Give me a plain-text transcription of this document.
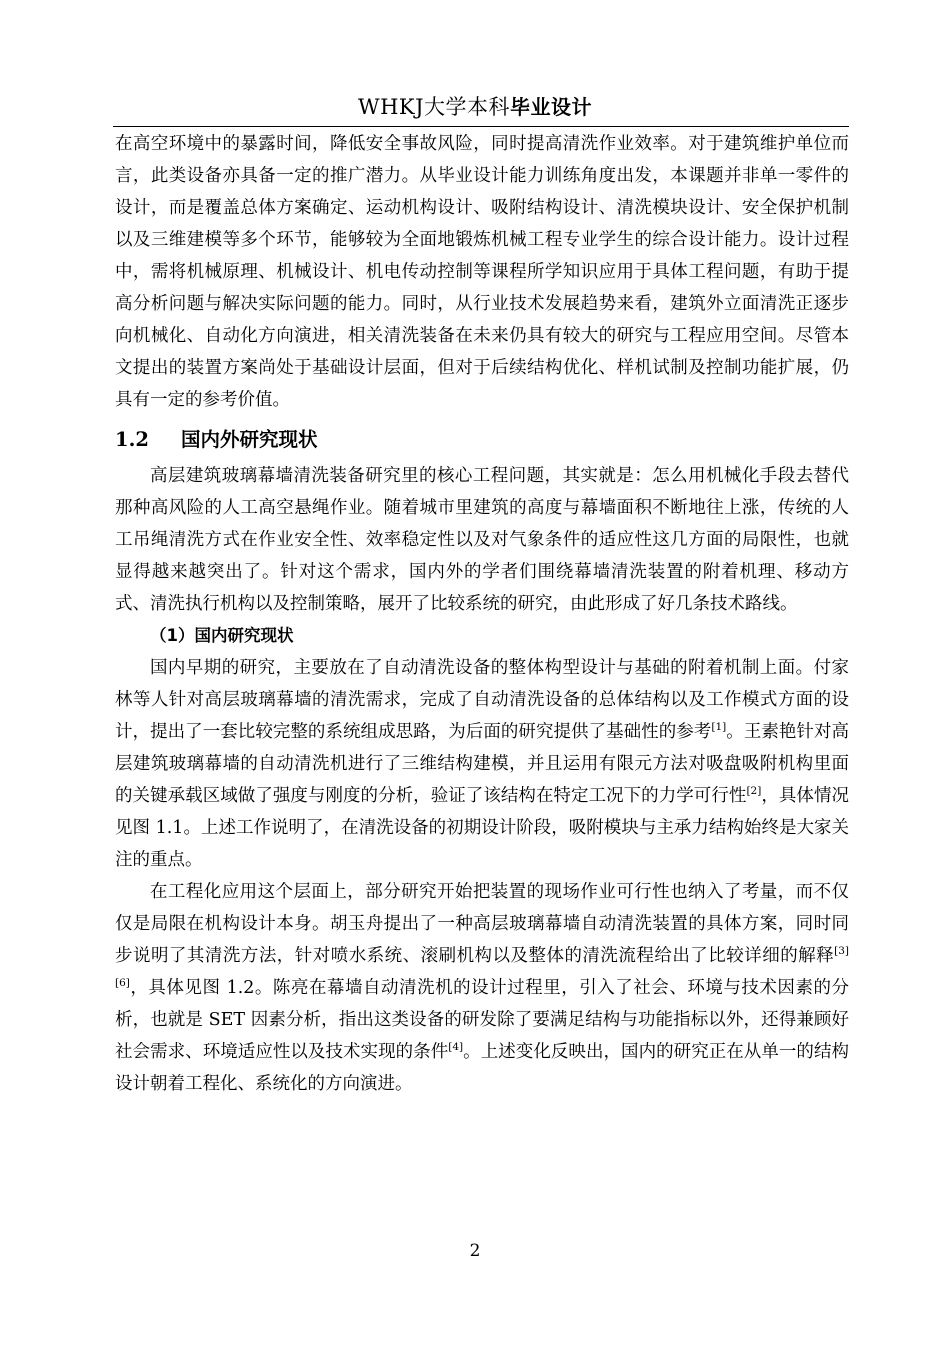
WHKJ大学本科毕业设计

在高空环境中的暴露时间，降低安全事故风险，同时提高清洗作业效率。对于建筑维护单位而言，此类设备亦具备一定的推广潜力。从毕业设计能力训练角度出发，本课题并非单一零件的设计，而是覆盖总体方案确定、运动机构设计、吸附结构设计、清洗模块设计、安全保护机制以及三维建模等多个环节，能够较为全面地锻炼机械工程专业学生的综合设计能力。设计过程中，需将机械原理、机械设计、机电传动控制等课程所学知识应用于具体工程问题，有助于提高分析问题与解决实际问题的能力。同时，从行业技术发展趋势来看，建筑外立面清洗正逐步向机械化、自动化方向演进，相关清洗装备在未来仍具有较大的研究与工程应用空间。尽管本文提出的装置方案尚处于基础设计层面，但对于后续结构优化、样机试制及控制功能扩展，仍具有一定的参考价值。

1.2 国内外研究现状

高层建筑玻璃幕墙清洗装备研究里的核心工程问题，其实就是：怎么用机械化手段去替代那种高风险的人工高空悬绳作业。随着城市里建筑的高度与幕墙面积不断地往上涨，传统的人工吊绳清洗方式在作业安全性、效率稳定性以及对气象条件的适应性这几方面的局限性，也就显得越来越突出了。针对这个需求，国内外的学者们围绕幕墙清洗装置的附着机理、移动方式、清洗执行机构以及控制策略，展开了比较系统的研究，由此形成了好几条技术路线。

（1）国内研究现状

国内早期的研究，主要放在了自动清洗设备的整体构型设计与基础的附着机制上面。付家林等人针对高层玻璃幕墙的清洗需求，完成了自动清洗设备的总体结构以及工作模式方面的设计，提出了一套比较完整的系统组成思路，为后面的研究提供了基础性的参考[1]。王素艳针对高层建筑玻璃幕墙的自动清洗机进行了三维结构建模，并且运用有限元方法对吸盘吸附机构里面的关键承载区域做了强度与刚度的分析，验证了该结构在特定工况下的力学可行性[2]，具体情况见图 1.1。上述工作说明了，在清洗设备的初期设计阶段，吸附模块与主承力结构始终是大家关注的重点。

在工程化应用这个层面上，部分研究开始把装置的现场作业可行性也纳入了考量，而不仅仅是局限在机构设计本身。胡玉舟提出了一种高层玻璃幕墙自动清洗装置的具体方案，同时同步说明了其清洗方法，针对喷水系统、滚刷机构以及整体的清洗流程给出了比较详细的解释[3][6]，具体见图 1.2。陈亮在幕墙自动清洗机的设计过程里，引入了社会、环境与技术因素的分析，也就是 SET 因素分析，指出这类设备的研发除了要满足结构与功能指标以外，还得兼顾好社会需求、环境适应性以及技术实现的条件[4]。上述变化反映出，国内的研究正在从单一的结构设计朝着工程化、系统化的方向演进。

2
